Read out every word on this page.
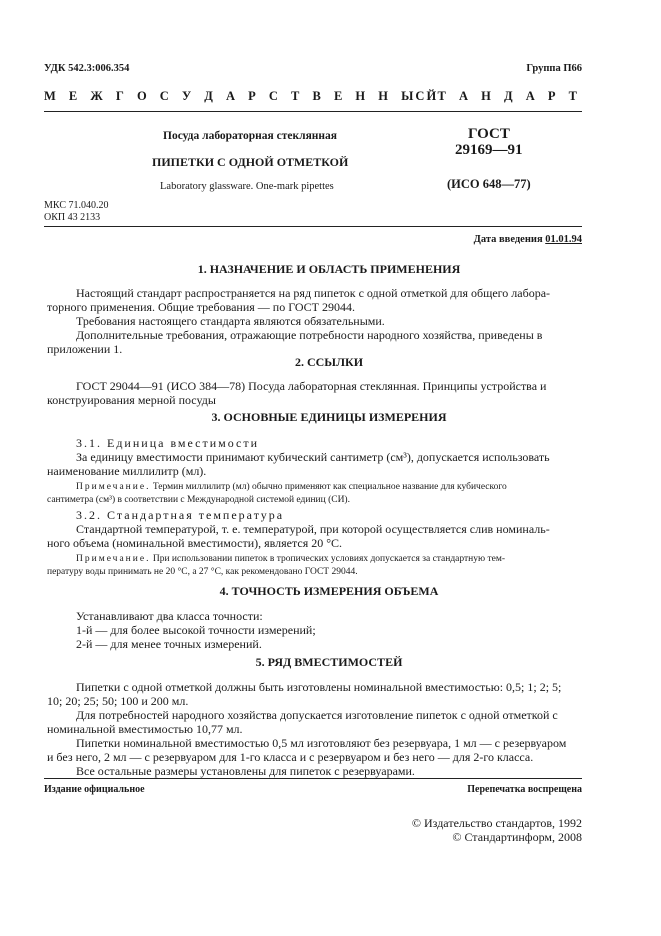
УДК 542.3:006.354	Группа П66
М Е Ж Г О С У Д А Р С Т В Е Н Н Ы Й
С Т А Н Д А Р Т
Посуда лабораторная стеклянная
ПИПЕТКИ С ОДНОЙ ОТМЕТКОЙ
Laboratory glassware. One-mark pipettes
ГОСТ
29169—91
(ИСО 648—77)
МКС 71.040.20
ОКП 43 2133
Дата введения 01.01.94
1. НАЗНАЧЕНИЕ И ОБЛАСТЬ ПРИМЕНЕНИЯ
Настоящий стандарт распространяется на ряд пипеток с одной отметкой для общего лабора-
торного применения. Общие требования — по ГОСТ 29044.
Требования настоящего стандарта являются обязательными.
Дополнительные требования, отражающие потребности народного хозяйства, приведены в
приложении 1.
2. ССЫЛКИ
ГОСТ 29044—91 (ИСО 384—78) Посуда лабораторная стеклянная. Принципы устройства и
конструирования мерной посуды
3. ОСНОВНЫЕ ЕДИНИЦЫ ИЗМЕРЕНИЯ
3.1. Единица вместимости
За единицу вместимости принимают кубический сантиметр (см³), допускается использовать
наименование миллилитр (мл).
Примечание. Термин миллилитр (мл) обычно применяют как специальное название для кубического
сантиметра (см³) в соответствии с Международной системой единиц (СИ).
3.2. Стандартная температура
Стандартной температурой, т. е. температурой, при которой осуществляется слив номиналь-
ного объема (номинальной вместимости), является 20 °С.
Примечание. При использовании пипеток в тропических условиях допускается за стандартную тем-
пературу воды принимать не 20 °С, а 27 °С, как рекомендовано ГОСТ 29044.
4. ТОЧНОСТЬ ИЗМЕРЕНИЯ ОБЪЕМА
Устанавливают два класса точности:
1-й — для более высокой точности измерений;
2-й — для менее точных измерений.
5. РЯД ВМЕСТИМОСТЕЙ
Пипетки с одной отметкой должны быть изготовлены номинальной вместимостью: 0,5; 1; 2; 5;
10; 20; 25; 50; 100 и 200 мл.
Для потребностей народного хозяйства допускается изготовление пипеток с одной отметкой с
номинальной вместимостью 10,77 мл.
Пипетки номинальной вместимостью 0,5 мл изготовляют без резервуара, 1 мл — с резервуаром
и без него, 2 мл — с резервуаром для 1-го класса и с резервуаром и без него — для 2-го класса.
Все остальные размеры установлены для пипеток с резервуарами.
Издание официальное	Перепечатка воспрещена
© Издательство стандартов, 1992
© Стандартинформ, 2008
